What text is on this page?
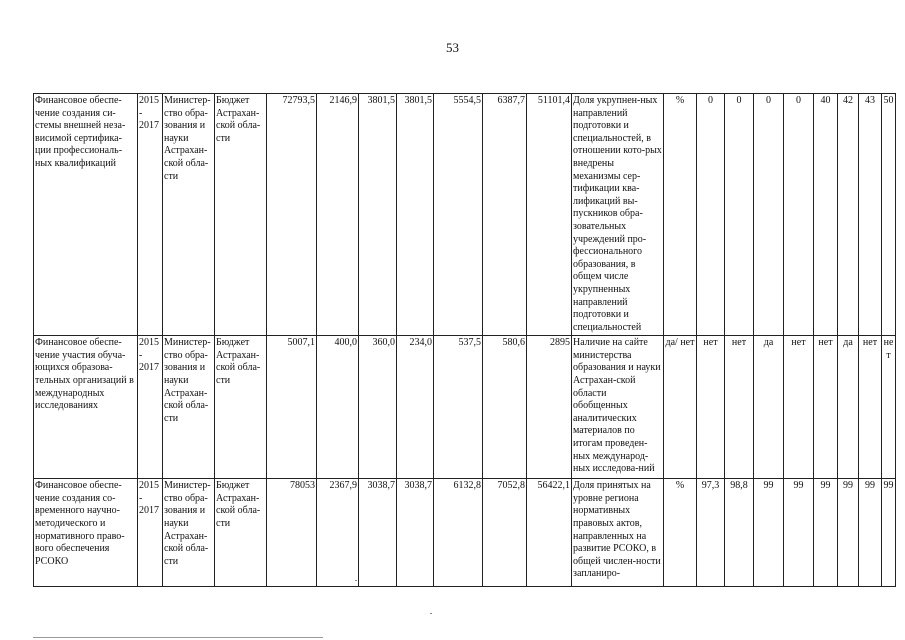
53
Финансовое обеспе-чение создания си-стемы внешней неза-висимой сертифика-ции профессиональ-ных квалификаций	2015 - 2017	Министер-ство обра-зования и науки Астрахан-ской обла-сти	Бюджет Астрахан-ской обла-сти	72793,5	2146,9	3801,5	3801,5	5554,5	6387,7	51101,4	Доля укрупнен-ных направлений подготовки и специальностей, в отношении кото-рых внедрены механизмы сер-тификации ква-лификаций вы-пускников обра-зовательных учреждений про-фессионального образования, в общем числе укрупненных направлений подготовки и специальностей	%	0	0	0	0	40	42	43	50
Финансовое обеспе-чение участия обуча-ющихся образова-тельных организаций в международных исследованиях	2015 - 2017	Министер-ство обра-зования и науки Астрахан-ской обла-сти	Бюджет Астрахан-ской обла-сти	5007,1	400,0	360,0	234,0	537,5	580,6	2895	Наличие на сайте министерства образования и науки Астрахан-ской области обобщенных аналитических материалов по итогам проведен-ных международ-ных исследова-ний	да/ нет	нет	нет	да	нет	нет	да	нет	нет
Финансовое обеспе-чение создания со-временного научно-методического и нормативного право-вого обеспечения РСОКО	2015 - 2017	Министер-ство обра-зования и науки Астрахан-ской обла-сти	Бюджет Астрахан-ской обла-сти	78053	2367,9	3038,7	3038,7	6132,8	7052,8	56422,1	Доля принятых на уровне региона нормативных правовых актов, направленных на развитие РСОКО, в общей числен-ности запланиро-	%	97,3	98,8	99	99	99	99	99	99
